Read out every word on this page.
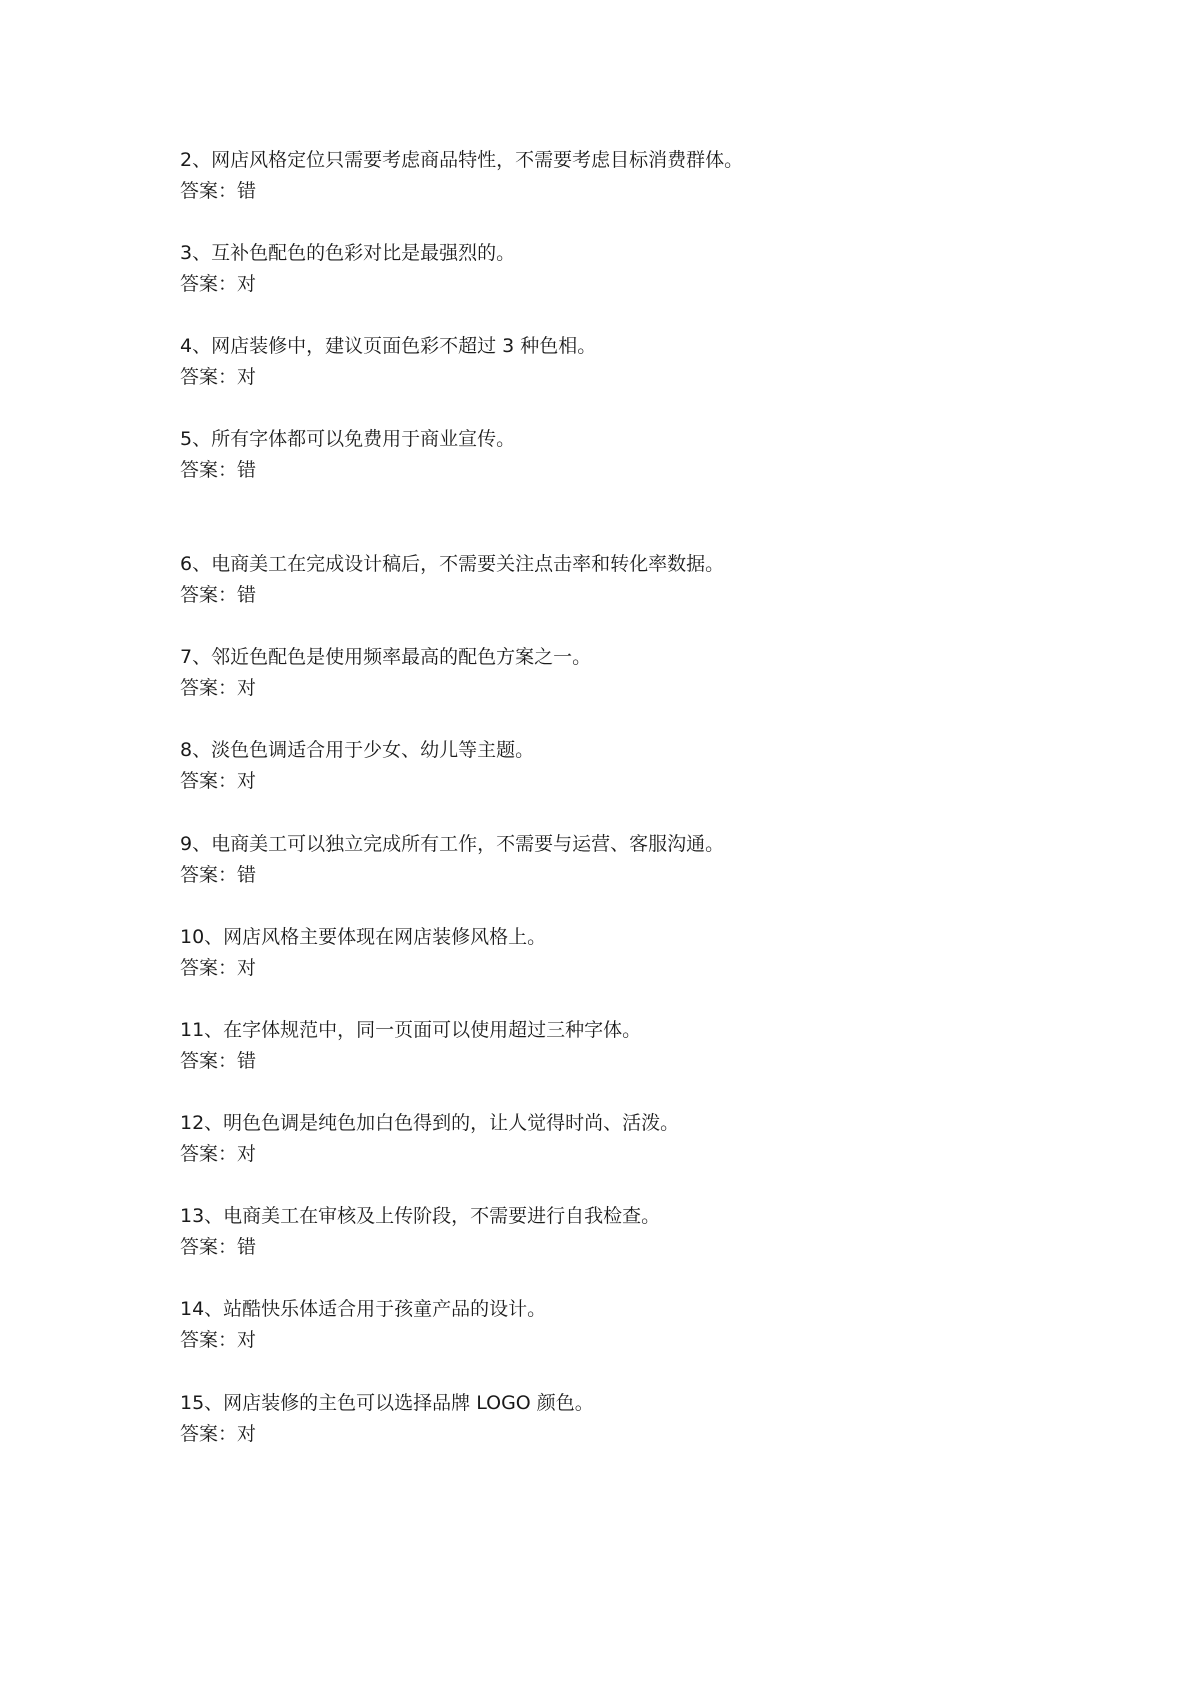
2、网店风格定位只需要考虑商品特性，不需要考虑目标消费群体。
答案：错
3、互补色配色的色彩对比是最强烈的。
答案：对
4、网店装修中，建议页面色彩不超过 3 种色相。
答案：对
5、所有字体都可以免费用于商业宣传。
答案：错
6、电商美工在完成设计稿后，不需要关注点击率和转化率数据。
答案：错
7、邻近色配色是使用频率最高的配色方案之一。
答案：对
8、淡色色调适合用于少女、幼儿等主题。
答案：对
9、电商美工可以独立完成所有工作，不需要与运营、客服沟通。
答案：错
10、网店风格主要体现在网店装修风格上。
答案：对
11、在字体规范中，同一页面可以使用超过三种字体。
答案：错
12、明色色调是纯色加白色得到的，让人觉得时尚、活泼。
答案：对
13、电商美工在审核及上传阶段，不需要进行自我检查。
答案：错
14、站酷快乐体适合用于孩童产品的设计。
答案：对
15、网店装修的主色可以选择品牌 LOGO 颜色。
答案：对
